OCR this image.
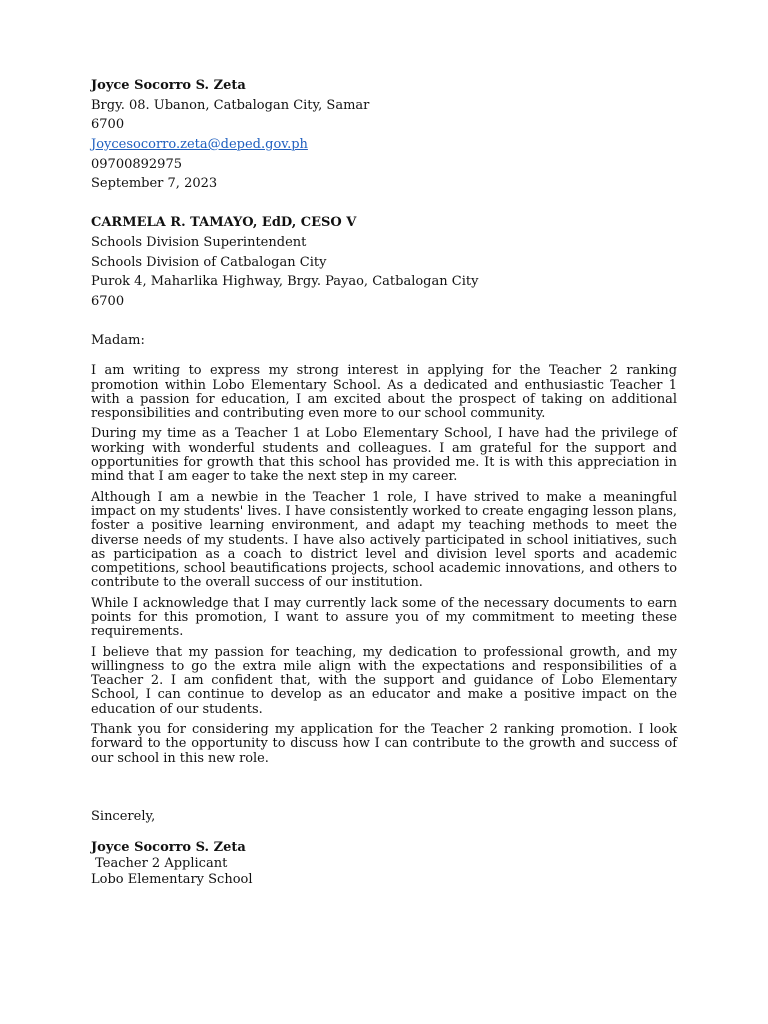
Joyce Socorro S. Zeta
Brgy. 08. Ubanon, Catbalogan City, Samar
6700
Joycesocorro.zeta@deped.gov.ph
09700892975
September 7, 2023
CARMELA R. TAMAYO, EdD, CESO V
Schools Division Superintendent
Schools Division of Catbalogan City
Purok 4, Maharlika Highway, Brgy. Payao, Catbalogan City
6700
Madam:

I am writing to express my strong interest in applying for the Teacher 2 ranking promotion within Lobo Elementary School. As a dedicated and enthusiastic Teacher 1 with a passion for education, I am excited about the prospect of taking on additional responsibilities and contributing even more to our school community.

During my time as a Teacher 1 at Lobo Elementary School, I have had the privilege of working with wonderful students and colleagues. I am grateful for the support and opportunities for growth that this school has provided me. It is with this appreciation in mind that I am eager to take the next step in my career.

Although I am a newbie in the Teacher 1 role, I have strived to make a meaningful impact on my students' lives. I have consistently worked to create engaging lesson plans, foster a positive learning environment, and adapt my teaching methods to meet the diverse needs of my students. I have also actively participated in school initiatives, such as participation as a coach to district level and division level sports and academic competitions, school beautifications projects, school academic innovations, and others to contribute to the overall success of our institution.

While I acknowledge that I may currently lack some of the necessary documents to earn points for this promotion, I want to assure you of my commitment to meeting these requirements.

I believe that my passion for teaching, my dedication to professional growth, and my willingness to go the extra mile align with the expectations and responsibilities of a Teacher 2. I am confident that, with the support and guidance of Lobo Elementary School, I can continue to develop as an educator and make a positive impact on the education of our students.

Thank you for considering my application for the Teacher 2 ranking promotion. I look forward to the opportunity to discuss how I can contribute to the growth and success of our school in this new role.

Sincerely,
Joyce Socorro S. Zeta
Teacher 2 Applicant
Lobo Elementary School
